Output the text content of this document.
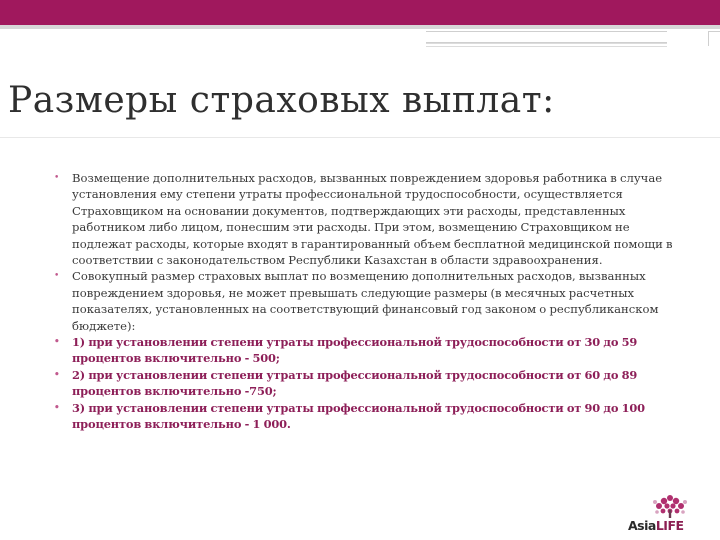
Размеры страховых выплат:
• Возмещение дополнительных расходов, вызванных повреждением здоровья работника в случае установления ему степени утраты профессиональной трудоспособности, осуществляется Страховщиком на основании документов, подтверждающих эти расходы, представленных работником либо лицом, понесшим эти расходы. При этом, возмещению Страховщиком не подлежат расходы, которые входят в гарантированный объем бесплатной медицинской помощи в соответствии с законодательством Республики Казахстан в области здравоохранения.
• Совокупный размер страховых выплат по возмещению дополнительных расходов, вызванных повреждением здоровья, не может превышать следующие размеры (в месячных расчетных показателях, установленных на соответствующий финансовый год законом о республиканском бюджете):
• 1) при установлении степени утраты профессиональной трудоспособности от 30 до 59 процентов включительно - 500;
• 2) при установлении степени утраты профессиональной трудоспособности от 60 до 89 процентов включительно -750;
• 3) при установлении степени утраты профессиональной трудоспособности от 90 до 100 процентов включительно - 1 000.
AsiaLIFE
